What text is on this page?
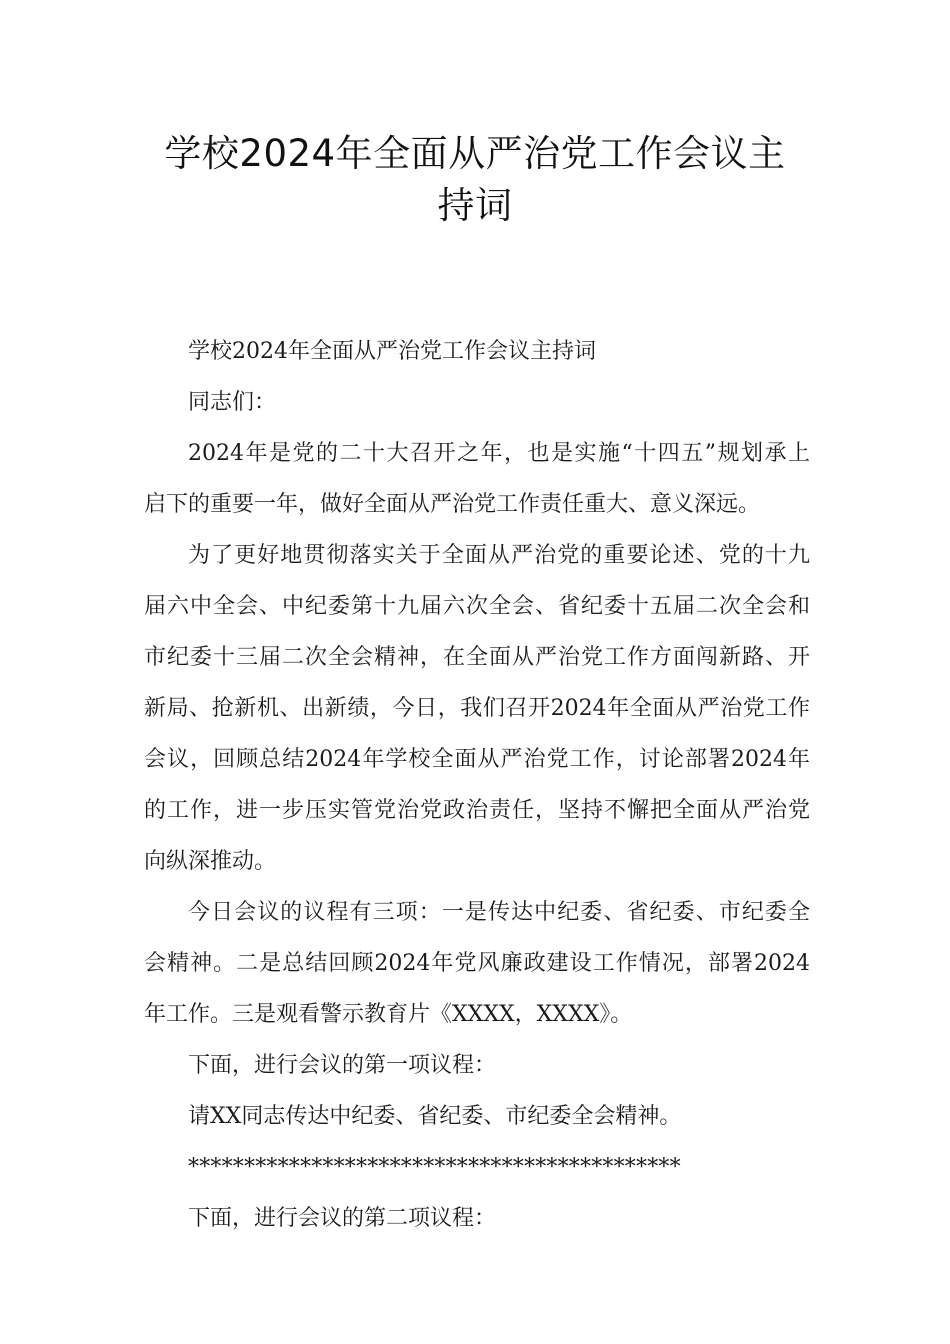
学校2024年全面从严治党工作会议主
持词

学校2024年全面从严治党工作会议主持词

同志们：

2024年是党的二十大召开之年，也是实施“十四五”规划承上
启下的重要一年，做好全面从严治党工作责任重大、意义深远。

为了更好地贯彻落实关于全面从严治党的重要论述、党的十九
届六中全会、中纪委第十九届六次全会、省纪委十五届二次全会和
市纪委十三届二次全会精神，在全面从严治党工作方面闯新路、开
新局、抢新机、出新绩，今日，我们召开2024年全面从严治党工作
会议，回顾总结2024年学校全面从严治党工作，讨论部署2024年
的工作，进一步压实管党治党政治责任，坚持不懈把全面从严治党
向纵深推动。

今日会议的议程有三项：一是传达中纪委、省纪委、市纪委全
会精神。二是总结回顾2024年党风廉政建设工作情况，部署2024
年工作。三是观看警示教育片《XXXX，XXXX》。

下面，进行会议的第一项议程：

请XX同志传达中纪委、省纪委、市纪委全会精神。

********************************************

下面，进行会议的第二项议程：
